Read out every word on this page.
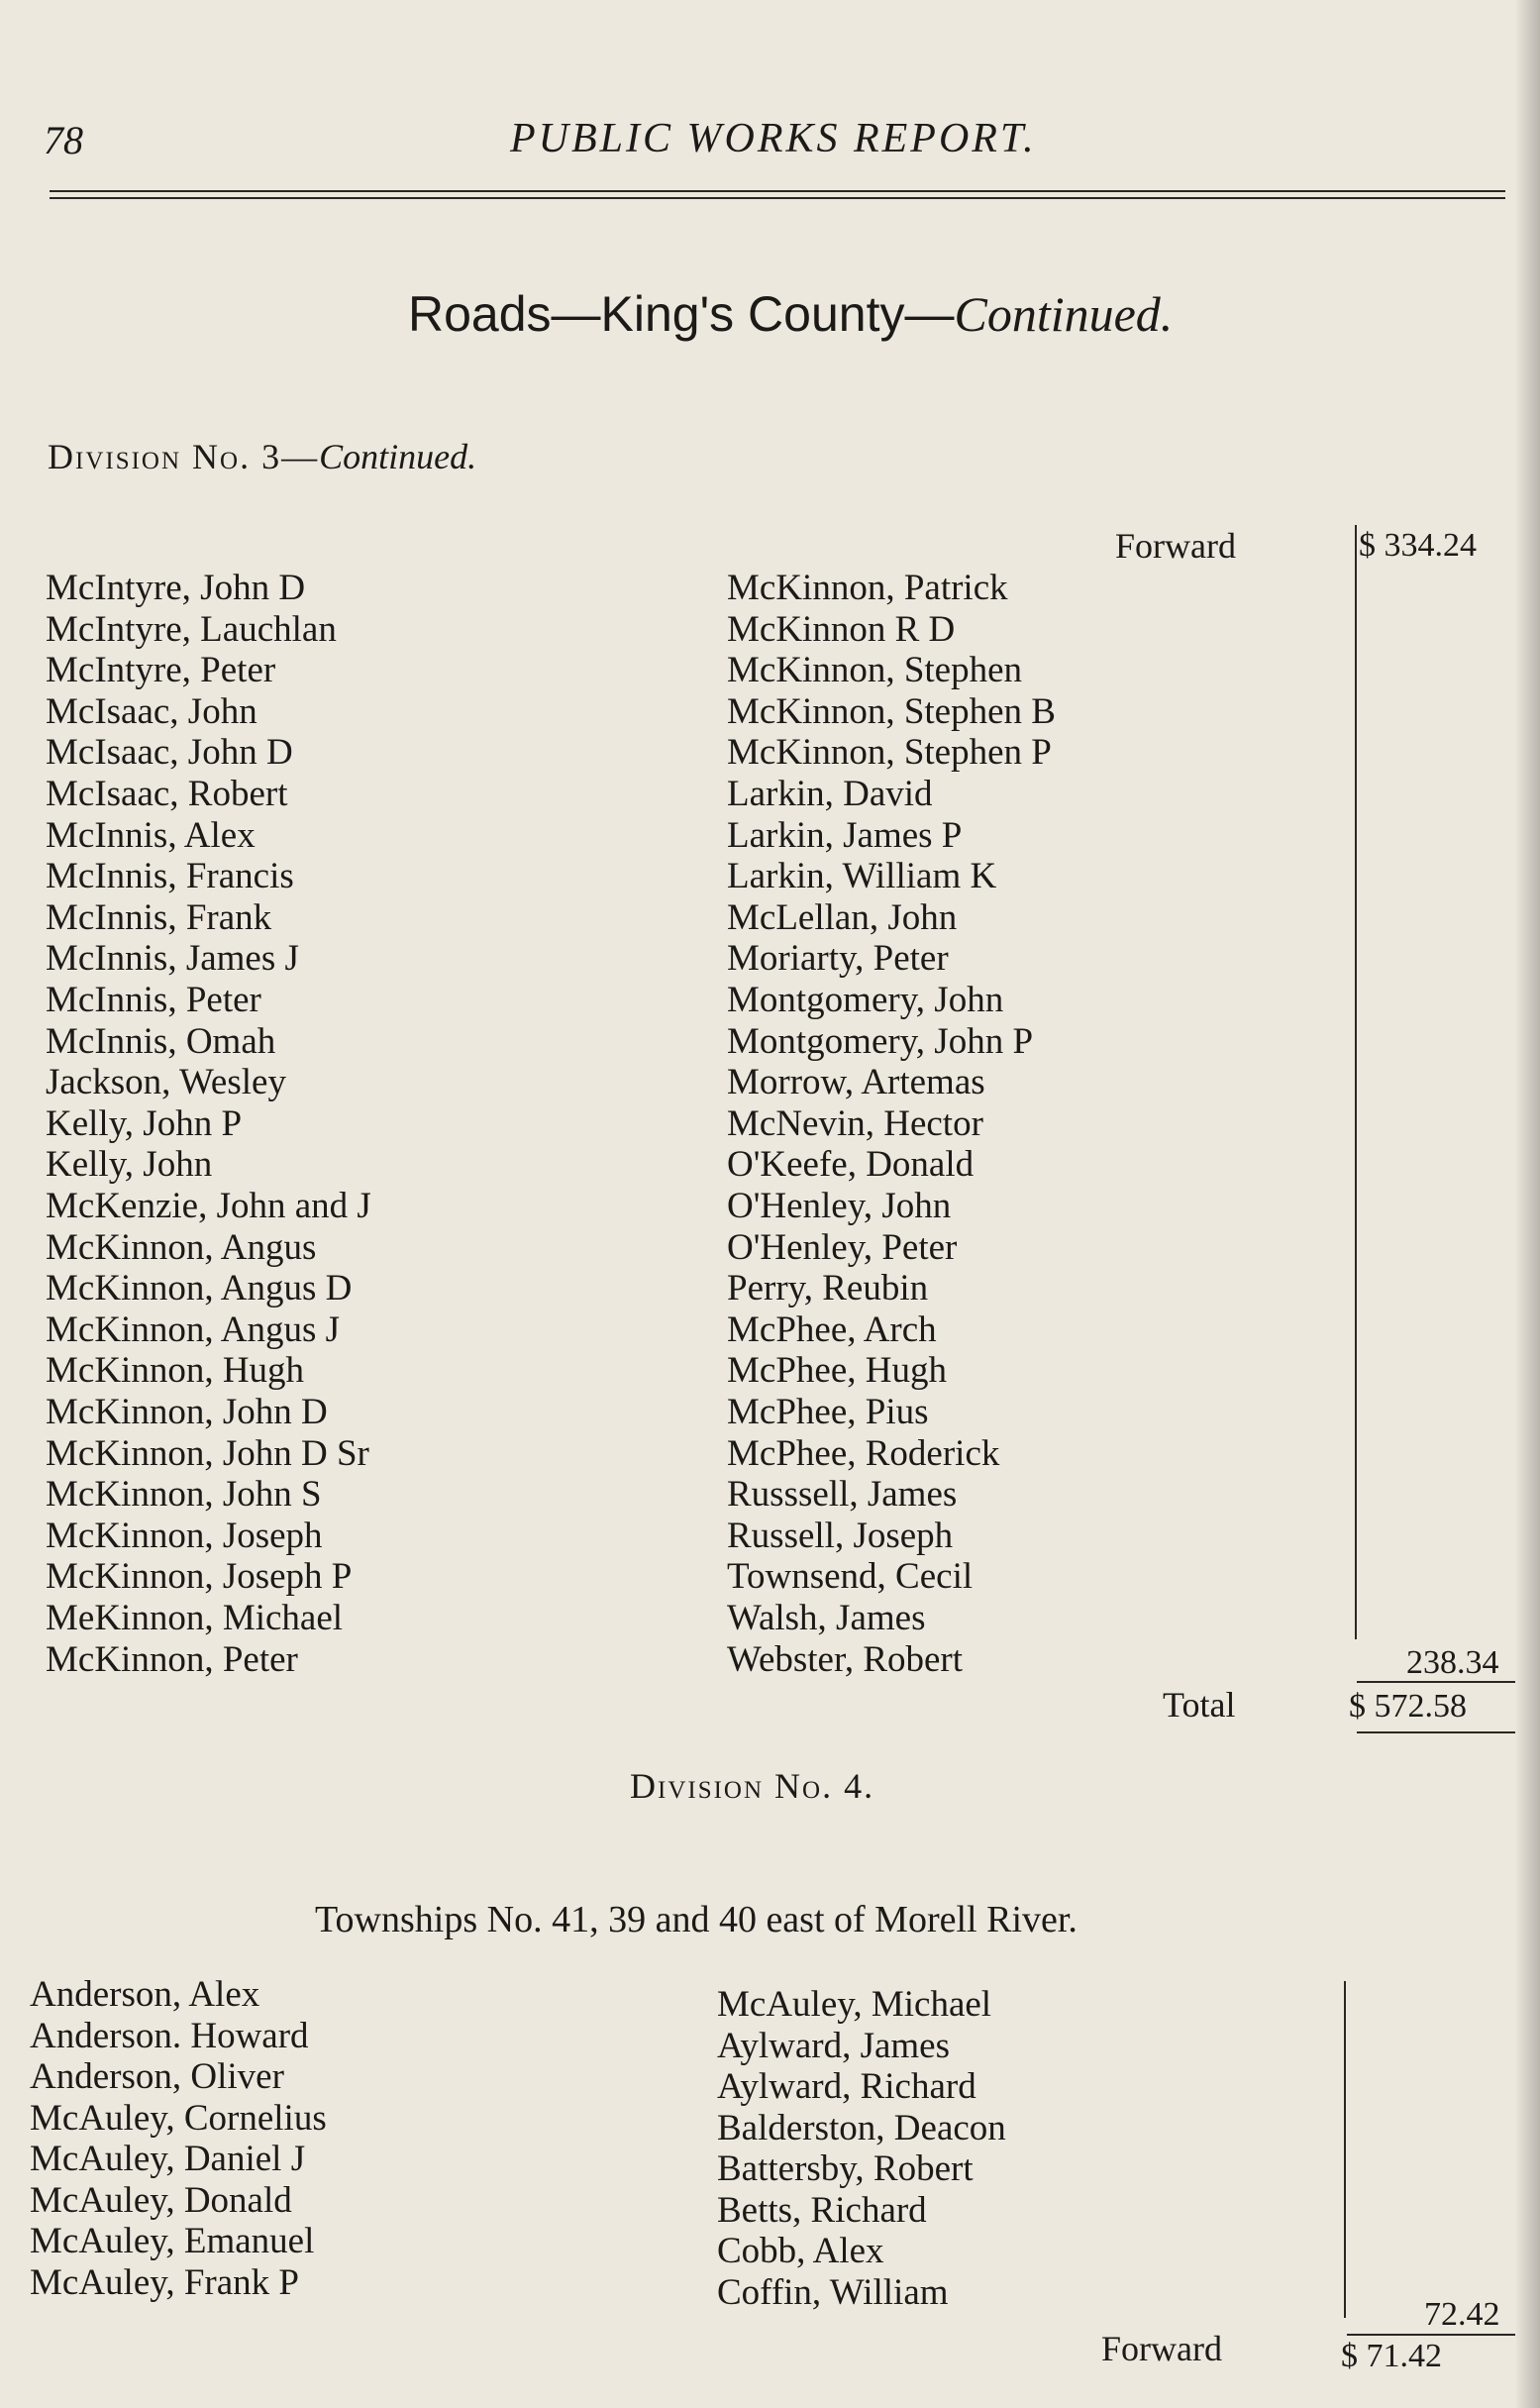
78	PUBLIC WORKS REPORT.
Roads—King's County—Continued.
Division No. 3—Continued.
Forward	$ 334.24
McIntyre, John D
McIntyre, Lauchlan
McIntyre, Peter
McIsaac, John
McIsaac, John D
McIsaac, Robert
McInnis, Alex
McInnis, Francis
McInnis, Frank
McInnis, James J
McInnis, Peter
McInnis, Omah
Jackson, Wesley
Kelly, John P
Kelly, John
McKenzie, John and J
McKinnon, Angus
McKinnon, Angus D
McKinnon, Angus J
McKinnon, Hugh
McKinnon, John D
McKinnon, John D Sr
McKinnon, John S
McKinnon, Joseph
McKinnon, Joseph P
MeKinnon, Michael
McKinnon, Peter
McKinnon, Patrick
McKinnon R D
McKinnon, Stephen
McKinnon, Stephen B
McKinnon, Stephen P
Larkin, David
Larkin, James P
Larkin, William K
McLellan, John
Moriarty, Peter
Montgomery, John
Montgomery, John P
Morrow, Artemas
McNevin, Hector
O'Keefe, Donald
O'Henley, John
O'Henley, Peter
Perry, Reubin
McPhee, Arch
McPhee, Hugh
McPhee, Pius
McPhee, Roderick
Russsell, James
Russell, Joseph
Townsend, Cecil
Walsh, James
Webster, Robert	238.34
Total	$ 572.58
Division No. 4.
Townships No. 41, 39 and 40 east of Morell River.
Anderson, Alex
Anderson. Howard
Anderson, Oliver
McAuley, Cornelius
McAuley, Daniel J
McAuley, Donald
McAuley, Emanuel
McAuley, Frank P
McAuley, Michael
Aylward, James
Aylward, Richard
Balderston, Deacon
Battersby, Robert
Betts, Richard
Cobb, Alex
Coffin, William
72.42
Forward	$ 71.42
